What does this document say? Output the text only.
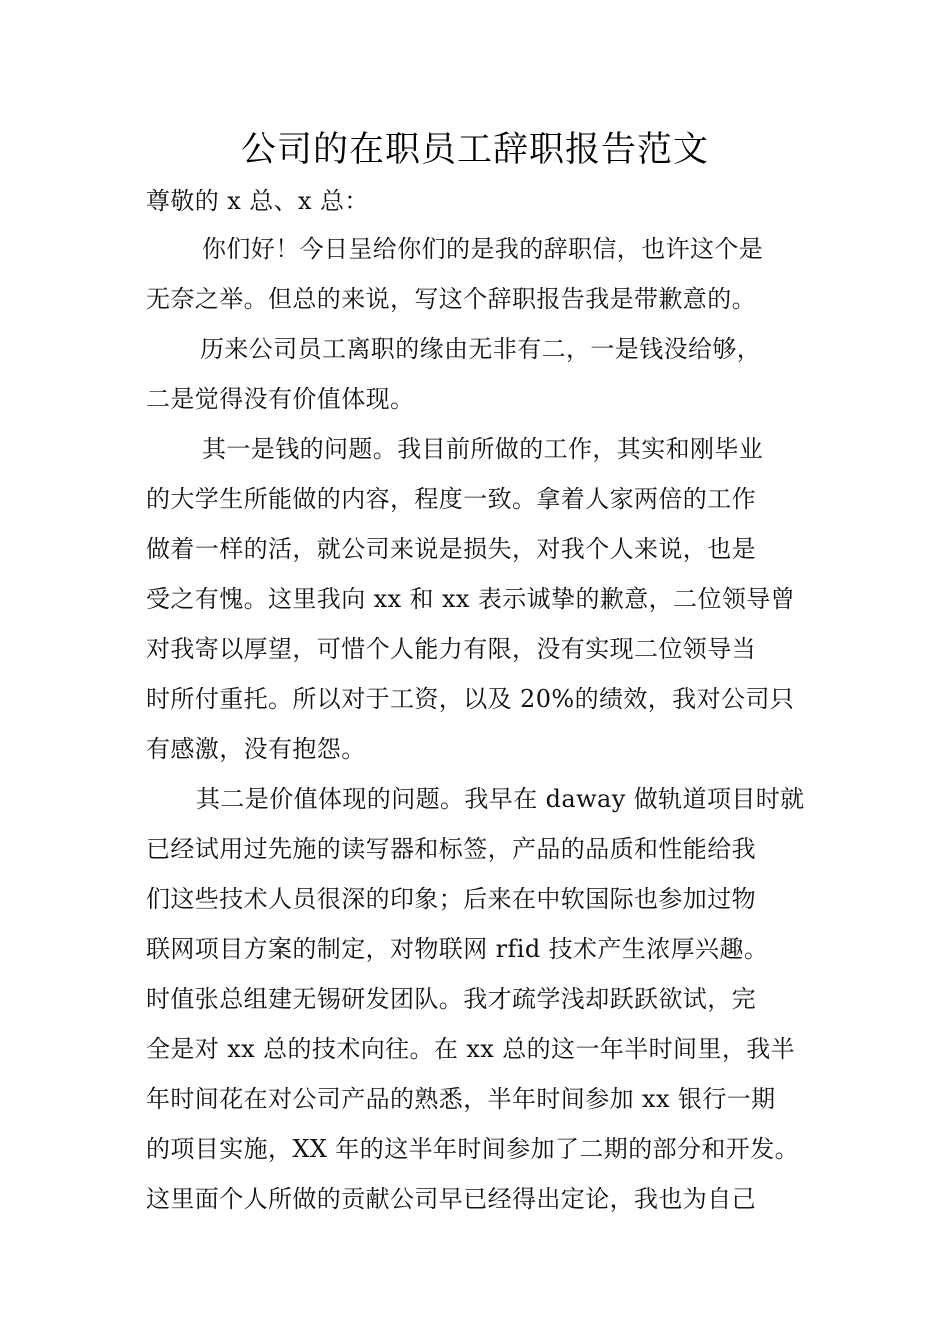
公司的在职员工辞职报告范文
尊敬的 x 总、x 总：
你们好！今日呈给你们的是我的辞职信，也许这个是
无奈之举。但总的来说，写这个辞职报告我是带歉意的。
历来公司员工离职的缘由无非有二，一是钱没给够，
二是觉得没有价值体现。
其一是钱的问题。我目前所做的工作，其实和刚毕业
的大学生所能做的内容，程度一致。拿着人家两倍的工作
做着一样的活，就公司来说是损失，对我个人来说，也是
受之有愧。这里我向 xx 和 xx 表示诚挚的歉意，二位领导曾
对我寄以厚望，可惜个人能力有限，没有实现二位领导当
时所付重托。所以对于工资，以及 20%的绩效，我对公司只
有感激，没有抱怨。
其二是价值体现的问题。我早在 daway 做轨道项目时就
已经试用过先施的读写器和标签，产品的品质和性能给我
们这些技术人员很深的印象；后来在中软国际也参加过物
联网项目方案的制定，对物联网 rfid 技术产生浓厚兴趣。
时值张总组建无锡研发团队。我才疏学浅却跃跃欲试，完
全是对 xx 总的技术向往。在 xx 总的这一年半时间里，我半
年时间花在对公司产品的熟悉，半年时间参加 xx 银行一期
的项目实施，XX 年的这半年时间参加了二期的部分和开发。
这里面个人所做的贡献公司早已经得出定论，我也为自己
